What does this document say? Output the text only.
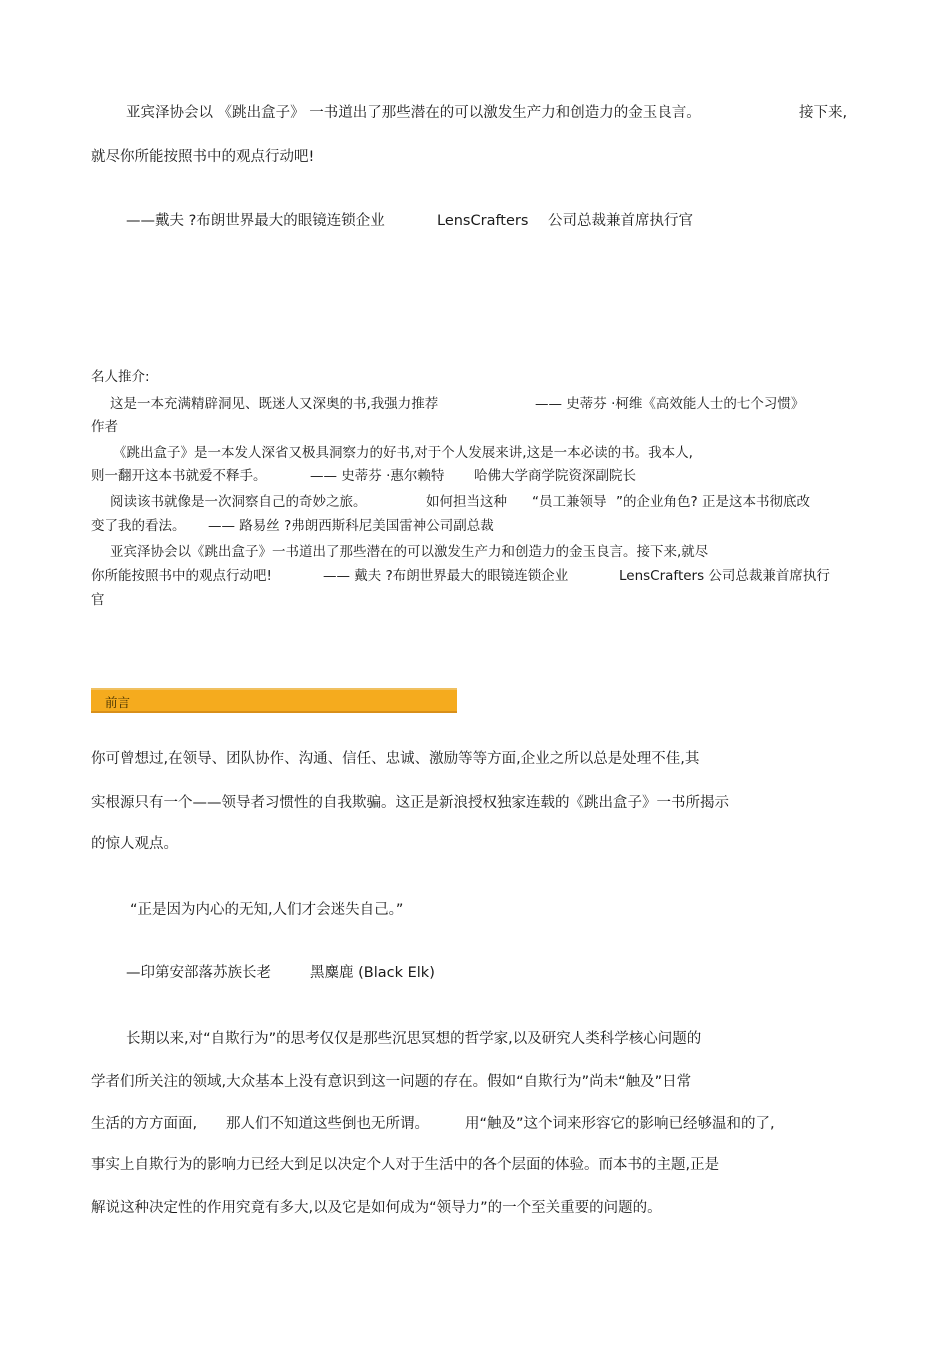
亚宾泽协会以 《跳出盒子》 一书道出了那些潜在的可以激发生产力和创造力的金玉良言。	接下来,
就尽你所能按照书中的观点行动吧!
——戴夫 ?布朗世界最大的眼镜连锁企业	LensCrafters 公司总裁兼首席执行官
名人推介:
这是一本充满精辟洞见、既迷人又深奥的书,我强力推荐	—— 史蒂芬 ·柯维《高效能人士的七个习惯》
作者
《跳出盒子》是一本发人深省又极具洞察力的好书,对于个人发展来讲,这是一本必读的书。我本人,
则一翻开这本书就爱不释手。	—— 史蒂芬 ·惠尔赖特 哈佛大学商学院资深副院长
阅读该书就像是一次洞察自己的奇妙之旅。	如何担当这种 “员工兼领导 ”的企业角色? 正是这本书彻底改
变了我的看法。 —— 路易丝 ?弗朗西斯科尼美国雷神公司副总裁
亚宾泽协会以《跳出盒子》一书道出了那些潜在的可以激发生产力和创造力的金玉良言。接下来,就尽
你所能按照书中的观点行动吧!	—— 戴夫 ?布朗世界最大的眼镜连锁企业	LensCrafters 公司总裁兼首席执行
官
前言
你可曾想过,在领导、团队协作、沟通、信任、忠诚、激励等等方面,企业之所以总是处理不佳,其
实根源只有一个——领导者习惯性的自我欺骗。这正是新浪授权独家连载的《跳出盒子》一书所揭示
的惊人观点。
“正是因为内心的无知,人们才会迷失自己。”
—印第安部落苏族长老	黑麋鹿 (Black Elk)
长期以来,对“自欺行为”的思考仅仅是那些沉思冥想的哲学家,以及研究人类科学核心问题的
学者们所关注的领域,大众基本上没有意识到这一问题的存在。假如“自欺行为”尚未“触及”日常
生活的方方面面, 那人们不知道这些倒也无所谓。 用“触及”这个词来形容它的影响已经够温和的了,
事实上自欺行为的影响力已经大到足以决定个人对于生活中的各个层面的体验。而本书的主题,正是
解说这种决定性的作用究竟有多大,以及它是如何成为“领导力”的一个至关重要的问题的。
